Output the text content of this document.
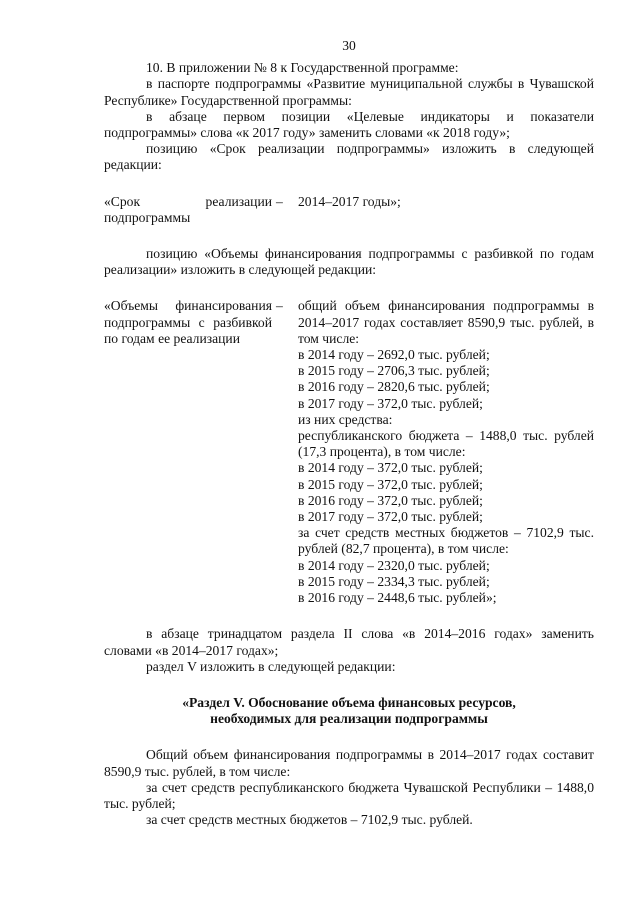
30

10. В приложении № 8 к Государственной программе:

в паспорте подпрограммы «Развитие муниципальной службы в Чувашской Республике» Государственной программы:

в абзаце первом позиции «Целевые индикаторы и показатели подпрограммы» слова «к 2017 году» заменить словами «к 2018 году»;

позицию «Срок реализации подпрограммы» изложить в следующей редакции:

«Срок реализации подпрограммы
–	2014–2017 годы»;

позицию «Объемы финансирования подпрограммы с разбивкой по годам реализации» изложить в следующей редакции:

«Объемы финансирования подпрограммы с разбивкой по годам ее реализации
–	общий объем финансирования подпрограммы в 2014–2017 годах составляет 8590,9 тыс. рублей, в том числе:

в 2014 году – 2692,0 тыс. рублей;

в 2015 году – 2706,3 тыс. рублей;

в 2016 году – 2820,6 тыс. рублей;

в 2017 году – 372,0 тыс. рублей;

из них средства:

республиканского бюджета – 1488,0 тыс. рублей (17,3 процента), в том числе:

в 2014 году – 372,0 тыс. рублей;

в 2015 году – 372,0 тыс. рублей;

в 2016 году – 372,0 тыс. рублей;

в 2017 году – 372,0 тыс. рублей;

за счет средств местных бюджетов – 7102,9 тыс. рублей (82,7 процента), в том числе:

в 2014 году – 2320,0 тыс. рублей;

в 2015 году – 2334,3 тыс. рублей;

в 2016 году – 2448,6 тыс. рублей»;

в абзаце тринадцатом раздела II слова «в 2014–2016 годах» заменить словами «в 2014–2017 годах»;

раздел V изложить в следующей редакции:

«Раздел V. Обоснование объема финансовых ресурсов,

необходимых для реализации подпрограммы

Общий объем финансирования подпрограммы в 2014–2017 годах составит 8590,9 тыс. рублей, в том числе:

за счет средств республиканского бюджета Чувашской Республики – 1488,0 тыс. рублей;

за счет средств местных бюджетов – 7102,9 тыс. рублей.
